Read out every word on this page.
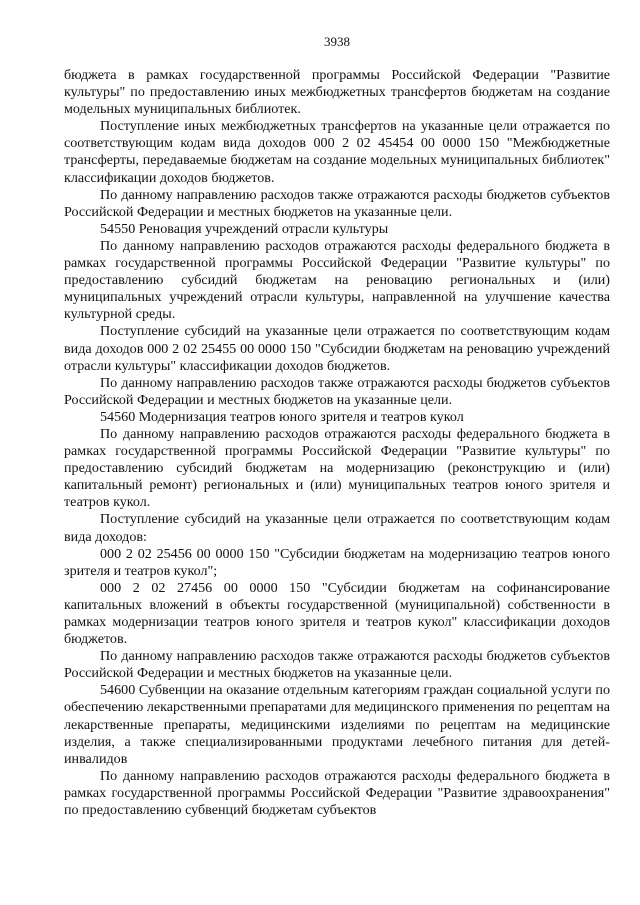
3938

бюджета в рамках государственной программы Российской Федерации "Развитие культуры" по предоставлению иных межбюджетных трансфертов бюджетам на создание модельных муниципальных библиотек.

Поступление иных межбюджетных трансфертов на указанные цели отражается по соответствующим кодам вида доходов 000 2 02 45454 00 0000 150 "Межбюджетные трансферты, передаваемые бюджетам на создание модельных муниципальных библиотек" классификации доходов бюджетов.

По данному направлению расходов также отражаются расходы бюджетов субъектов Российской Федерации и местных бюджетов на указанные цели.

54550 Реновация учреждений отрасли культуры

По данному направлению расходов отражаются расходы федерального бюджета в рамках государственной программы Российской Федерации "Развитие культуры" по предоставлению субсидий бюджетам на реновацию региональных и (или) муниципальных учреждений отрасли культуры, направленной на улучшение качества культурной среды.

Поступление субсидий на указанные цели отражается по соответствующим кодам вида доходов 000 2 02 25455 00 0000 150 "Субсидии бюджетам на реновацию учреждений отрасли культуры" классификации доходов бюджетов.

По данному направлению расходов также отражаются расходы бюджетов субъектов Российской Федерации и местных бюджетов на указанные цели.

54560 Модернизация театров юного зрителя и театров кукол

По данному направлению расходов отражаются расходы федерального бюджета в рамках государственной программы Российской Федерации "Развитие культуры" по предоставлению субсидий бюджетам на модернизацию (реконструкцию и (или) капитальный ремонт) региональных и (или) муниципальных театров юного зрителя и театров кукол.

Поступление субсидий на указанные цели отражается по соответствующим кодам вида доходов:

000 2 02 25456 00 0000 150 "Субсидии бюджетам на модернизацию театров юного зрителя и театров кукол";

000 2 02 27456 00 0000 150 "Субсидии бюджетам на софинансирование капитальных вложений в объекты государственной (муниципальной) собственности в рамках модернизации театров юного зрителя и театров кукол" классификации доходов бюджетов.

По данному направлению расходов также отражаются расходы бюджетов субъектов Российской Федерации и местных бюджетов на указанные цели.

54600 Субвенции на оказание отдельным категориям граждан социальной услуги по обеспечению лекарственными препаратами для медицинского применения по рецептам на лекарственные препараты, медицинскими изделиями по рецептам на медицинские изделия, а также специализированными продуктами лечебного питания для детей-инвалидов

По данному направлению расходов отражаются расходы федерального бюджета в рамках государственной программы Российской Федерации "Развитие здравоохранения" по предоставлению субвенций бюджетам субъектов
